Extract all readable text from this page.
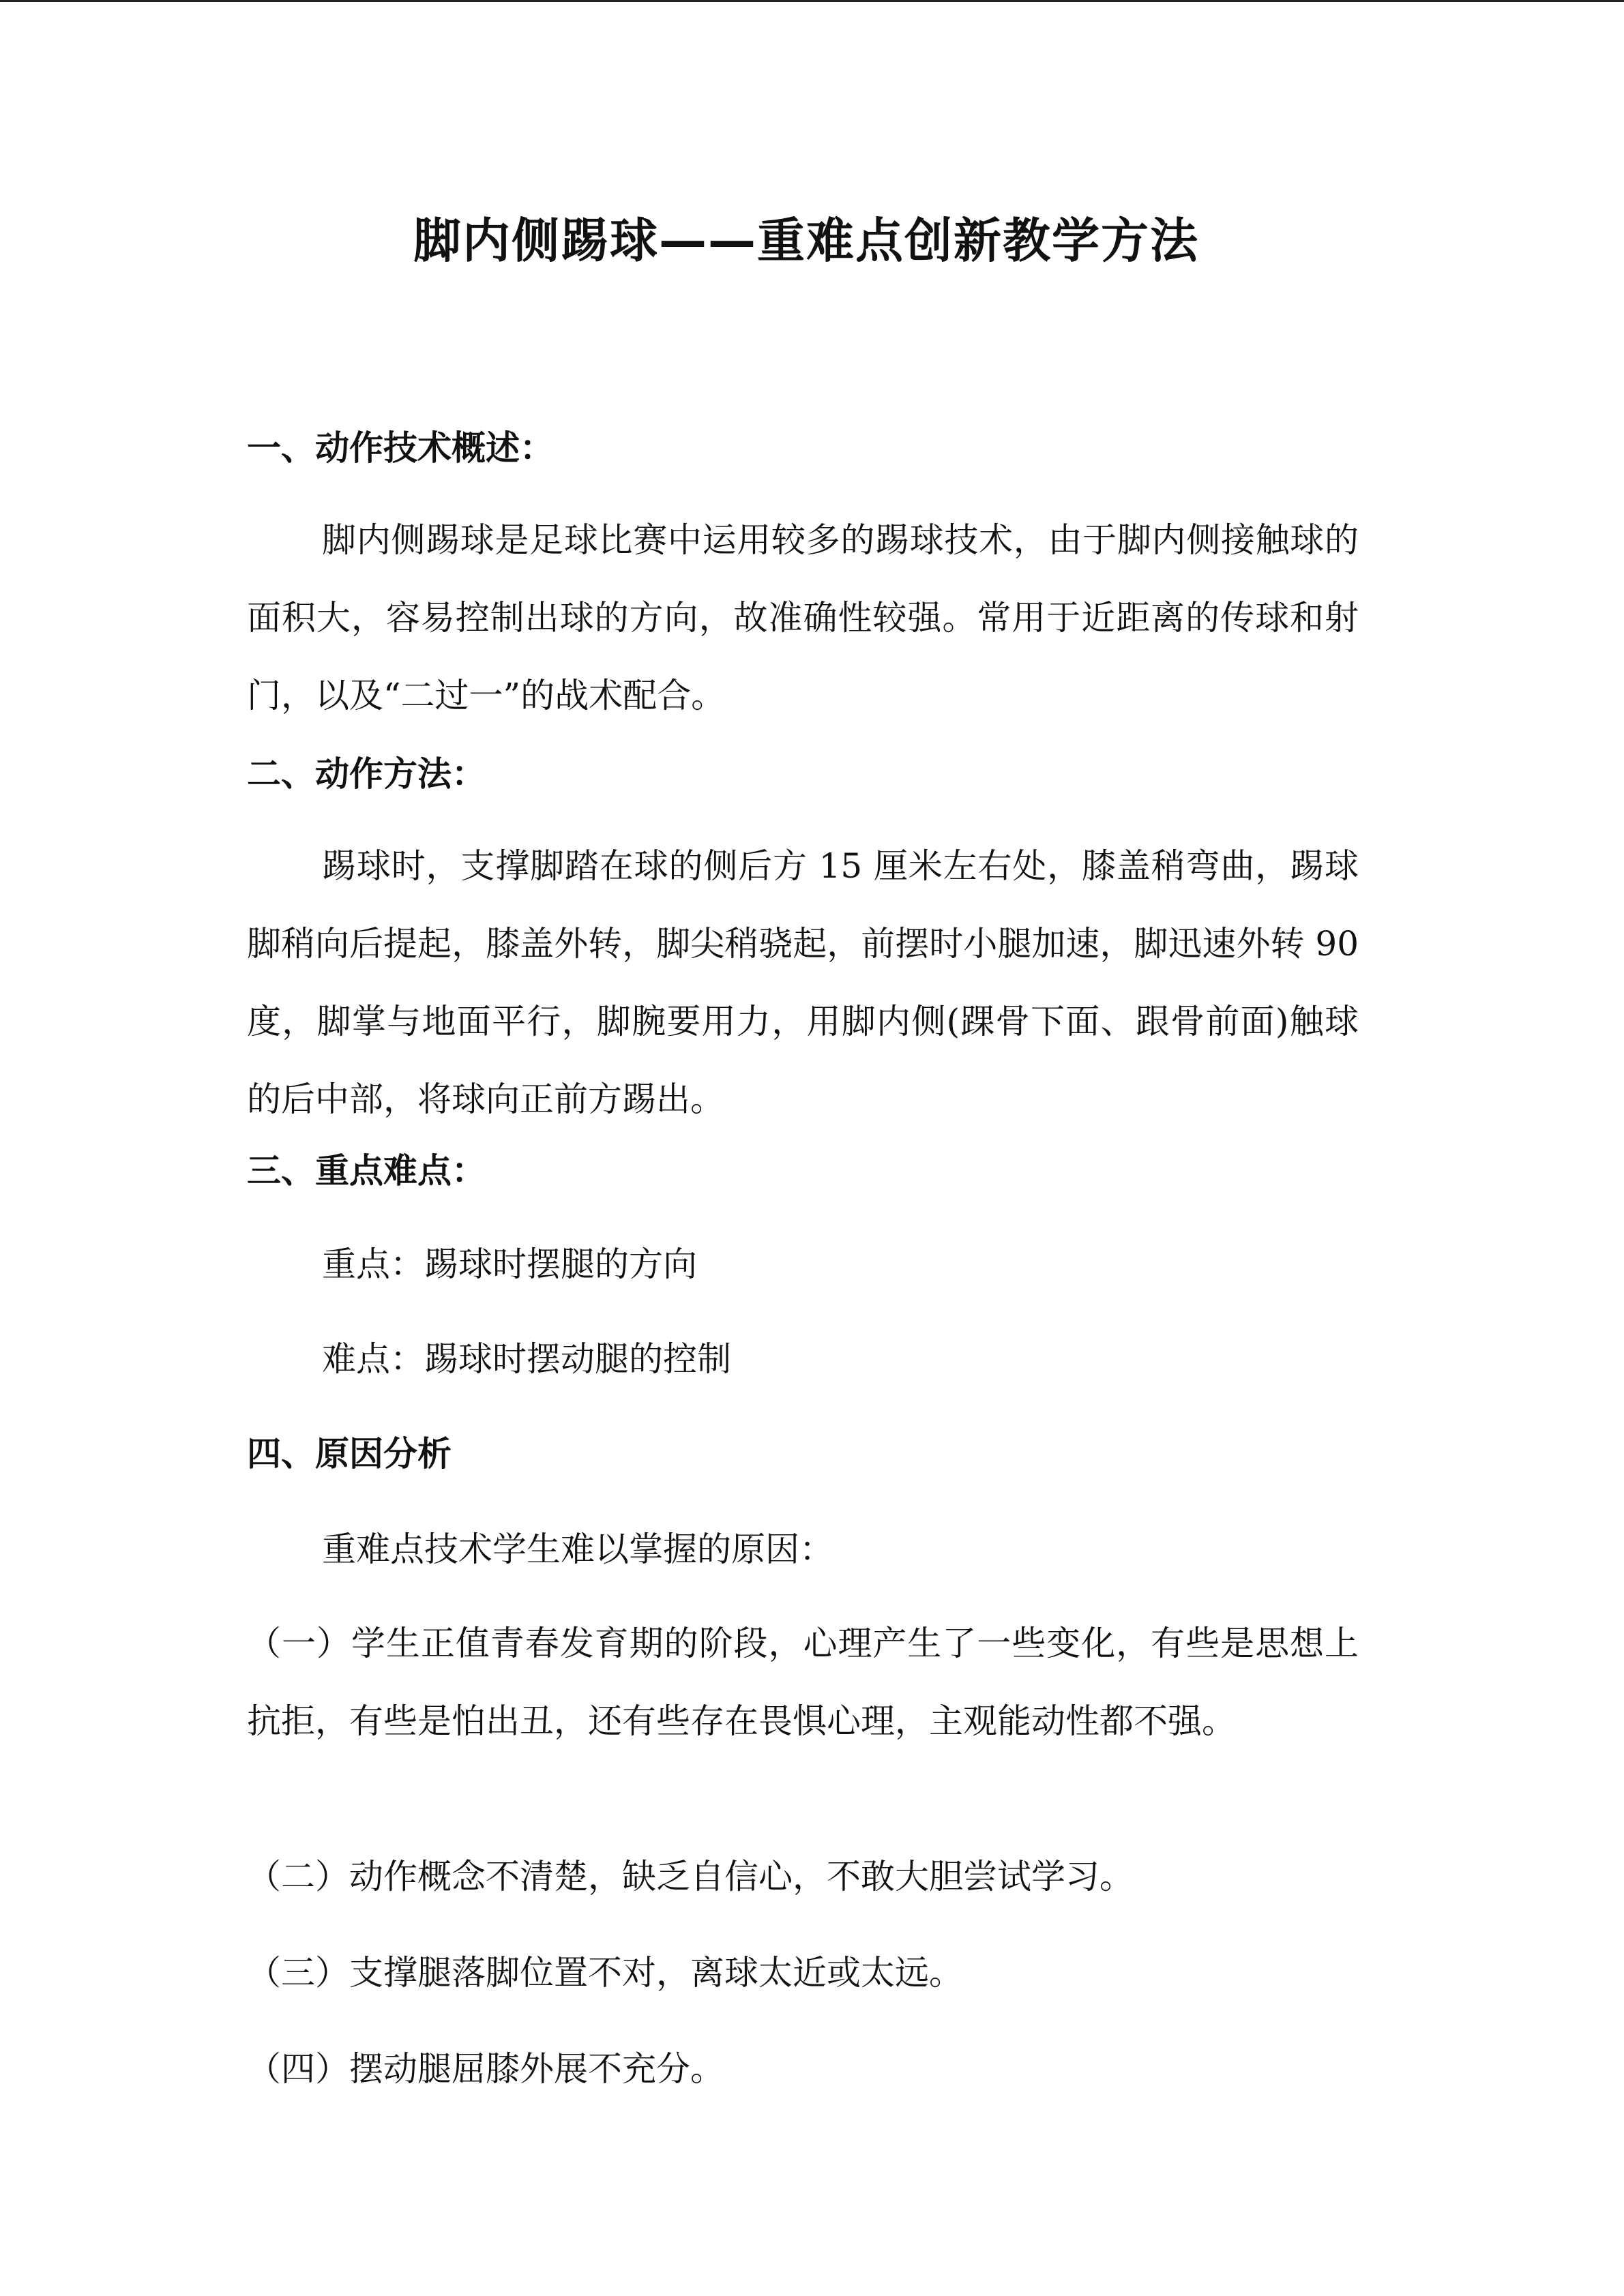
脚内侧踢球——重难点创新教学方法
一、动作技术概述：

脚内侧踢球是足球比赛中运用较多的踢球技术，由于脚内侧接触球的面积大，容易控制出球的方向，故准确性较强。常用于近距离的传球和射门，以及“二过一”的战术配合。

二、动作方法：

踢球时，支撑脚踏在球的侧后方 15 厘米左右处，膝盖稍弯曲，踢球脚稍向后提起，膝盖外转，脚尖稍骁起，前摆时小腿加速，脚迅速外转 90 度，脚掌与地面平行，脚腕要用力，用脚内侧(踝骨下面、跟骨前面)触球的后中部，将球向正前方踢出。

三、重点难点：

重点：踢球时摆腿的方向

难点：踢球时摆动腿的控制

四、原因分析

重难点技术学生难以掌握的原因：

（一）学生正值青春发育期的阶段，心理产生了一些变化，有些是思想上抗拒，有些是怕出丑，还有些存在畏惧心理，主观能动性都不强。

（二）动作概念不清楚，缺乏自信心，不敢大胆尝试学习。

（三）支撑腿落脚位置不对，离球太近或太远。

（四）摆动腿屈膝外展不充分。
